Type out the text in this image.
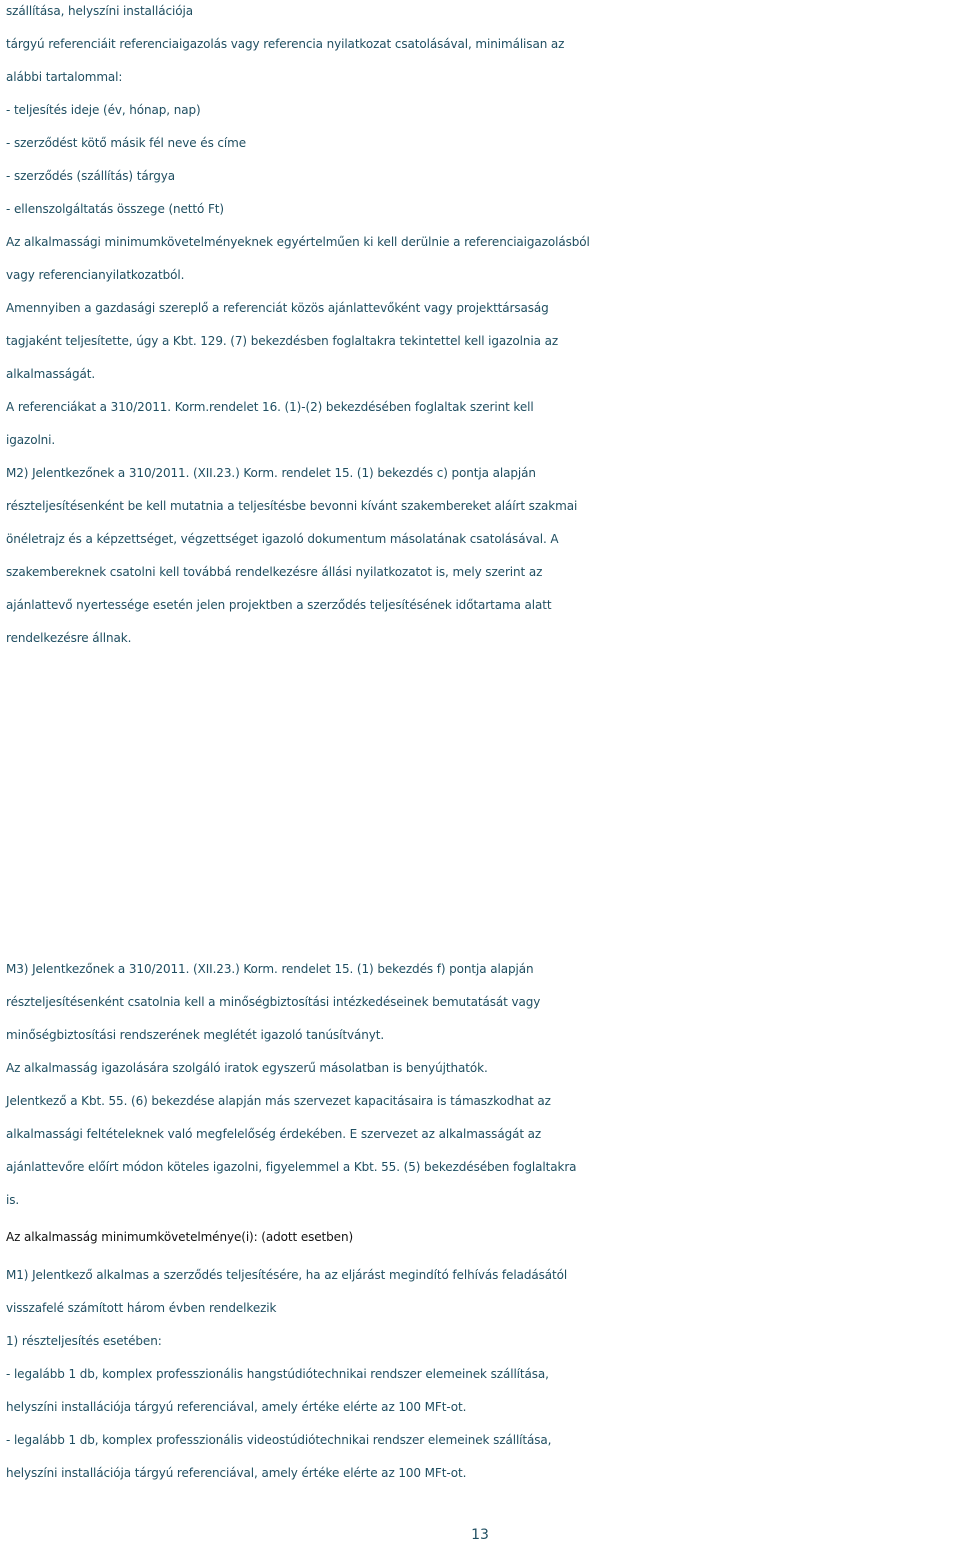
szállítása, helyszíni installációja
tárgyú referenciáit referenciaigazolás vagy referencia nyilatkozat csatolásával, minimálisan az
alábbi tartalommal:
- teljesítés ideje (év, hónap, nap)
- szerződést kötő másik fél neve és címe
- szerződés (szállítás) tárgya
- ellenszolgáltatás összege (nettó Ft)
Az alkalmassági minimumkövetelményeknek egyértelműen ki kell derülnie a referenciaigazolásból
vagy referencianyilatkozatból.
Amennyiben a gazdasági szereplő a referenciát közös ajánlattevőként vagy projekttársaság
tagjaként teljesítette, úgy a Kbt. 129. (7) bekezdésben foglaltakra tekintettel kell igazolnia az
alkalmasságát.
A referenciákat a 310/2011. Korm.rendelet 16. (1)-(2) bekezdésében foglaltak szerint kell
igazolni.
M2) Jelentkezőnek a 310/2011. (XII.23.) Korm. rendelet 15. (1) bekezdés c) pontja alapján
részteljesítésenként be kell mutatnia a teljesítésbe bevonni kívánt szakembereket aláírt szakmai
önéletrajz és a képzettséget, végzettséget igazoló dokumentum másolatának csatolásával. A
szakembereknek csatolni kell továbbá rendelkezésre állási nyilatkozatot is, mely szerint az
ajánlattevő nyertessége esetén jelen projektben a szerződés teljesítésének időtartama alatt
rendelkezésre állnak.
M3) Jelentkezőnek a 310/2011. (XII.23.) Korm. rendelet 15. (1) bekezdés f) pontja alapján
részteljesítésenként csatolnia kell a minőségbiztosítási intézkedéseinek bemutatását vagy
minőségbiztosítási rendszerének meglétét igazoló tanúsítványt.
Az alkalmasság igazolására szolgáló iratok egyszerű másolatban is benyújthatók.
Jelentkező a Kbt. 55. (6) bekezdése alapján más szervezet kapacitásaira is támaszkodhat az
alkalmassági feltételeknek való megfelelőség érdekében. E szervezet az alkalmasságát az
ajánlattevőre előírt módon köteles igazolni, figyelemmel a Kbt. 55. (5) bekezdésében foglaltakra
is.
Az alkalmasság minimumkövetelménye(i): (adott esetben)
M1) Jelentkező alkalmas a szerződés teljesítésére, ha az eljárást megindító felhívás feladásától
visszafelé számított három évben rendelkezik
1) részteljesítés esetében:
- legalább 1 db, komplex professzionális hangstúdiótechnikai rendszer elemeinek szállítása,
helyszíni installációja tárgyú referenciával, amely értéke elérte az 100 MFt-ot.
- legalább 1 db, komplex professzionális videostúdiótechnikai rendszer elemeinek szállítása,
helyszíni installációja tárgyú referenciával, amely értéke elérte az 100 MFt-ot.
13
